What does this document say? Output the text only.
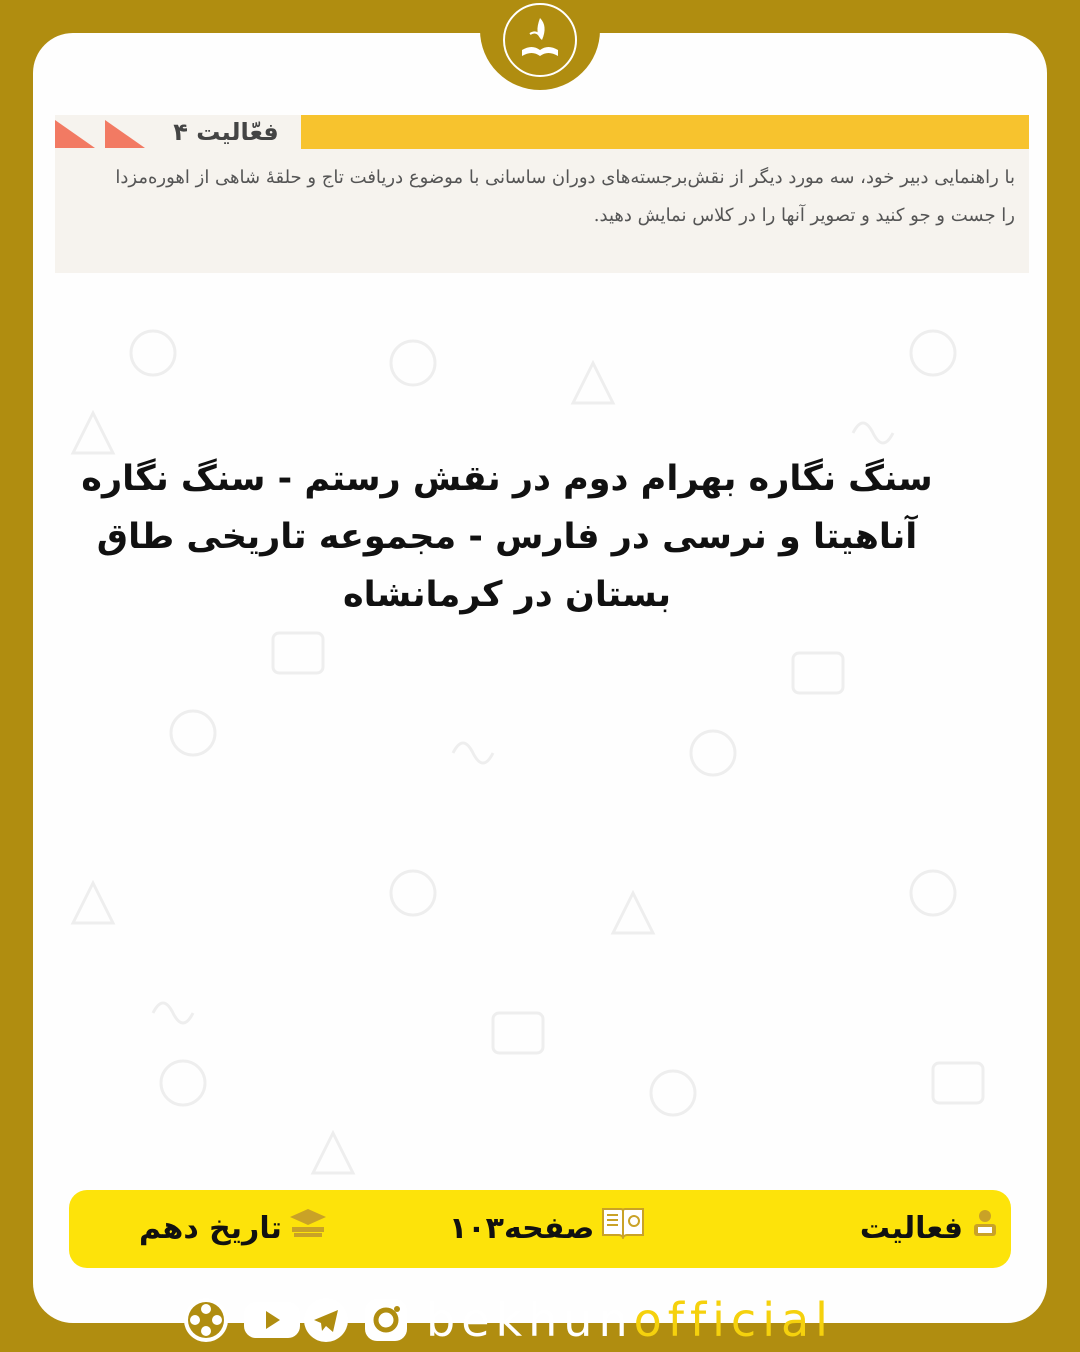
فعّالیت ۴
با راهنمایی دبیر خود، سه مورد دیگر از نقش‌برجسته‌های دوران ساسانی با موضوع دریافت تاج و حلقهٔ شاهی از اهوره‌مزدا
را جست و جو کنید و تصویر آنها را در کلاس نمایش دهید.
سنگ نگاره بهرام دوم در نقش رستم - سنگ نگاره آناهیتا و نرسی در فارس - مجموعه تاریخی طاق بستان در کرمانشاه
فعالیت
صفحه۱۰۳
تاریخ دهم
bekhunofficial
